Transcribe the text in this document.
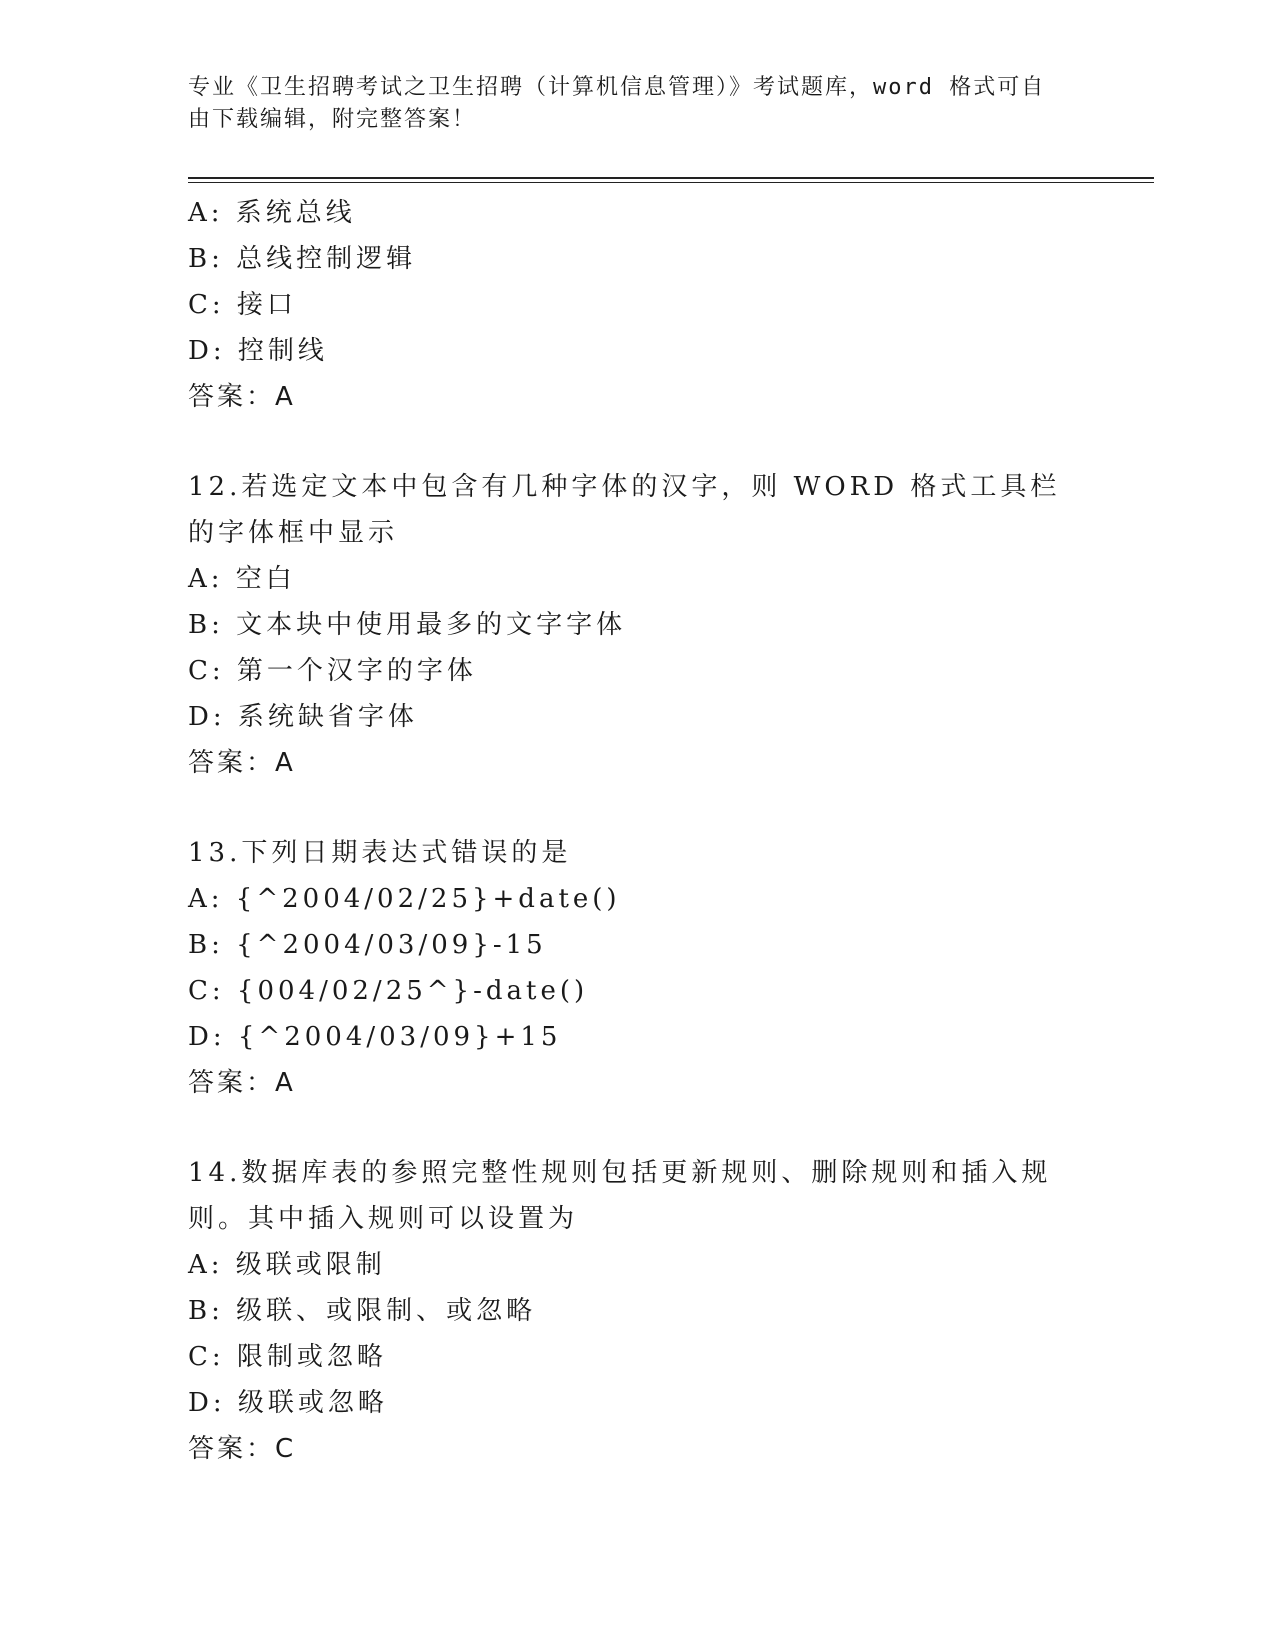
专业《卫生招聘考试之卫生招聘（计算机信息管理）》考试题库，word 格式可自
由下载编辑，附完整答案！
A: 系统总线
B: 总线控制逻辑
C: 接口
D: 控制线
答案：A
12.若选定文本中包含有几种字体的汉字，则 WORD 格式工具栏的字体框中显示
A: 空白
B: 文本块中使用最多的文字字体
C: 第一个汉字的字体
D: 系统缺省字体
答案：A
13.下列日期表达式错误的是
A: {^2004/02/25}+date()
B: {^2004/03/09}-15
C: {004/02/25^}-date()
D: {^2004/03/09}+15
答案：A
14.数据库表的参照完整性规则包括更新规则、删除规则和插入规则。其中插入规则可以设置为
A: 级联或限制
B: 级联、或限制、或忽略
C: 限制或忽略
D: 级联或忽略
答案：C
